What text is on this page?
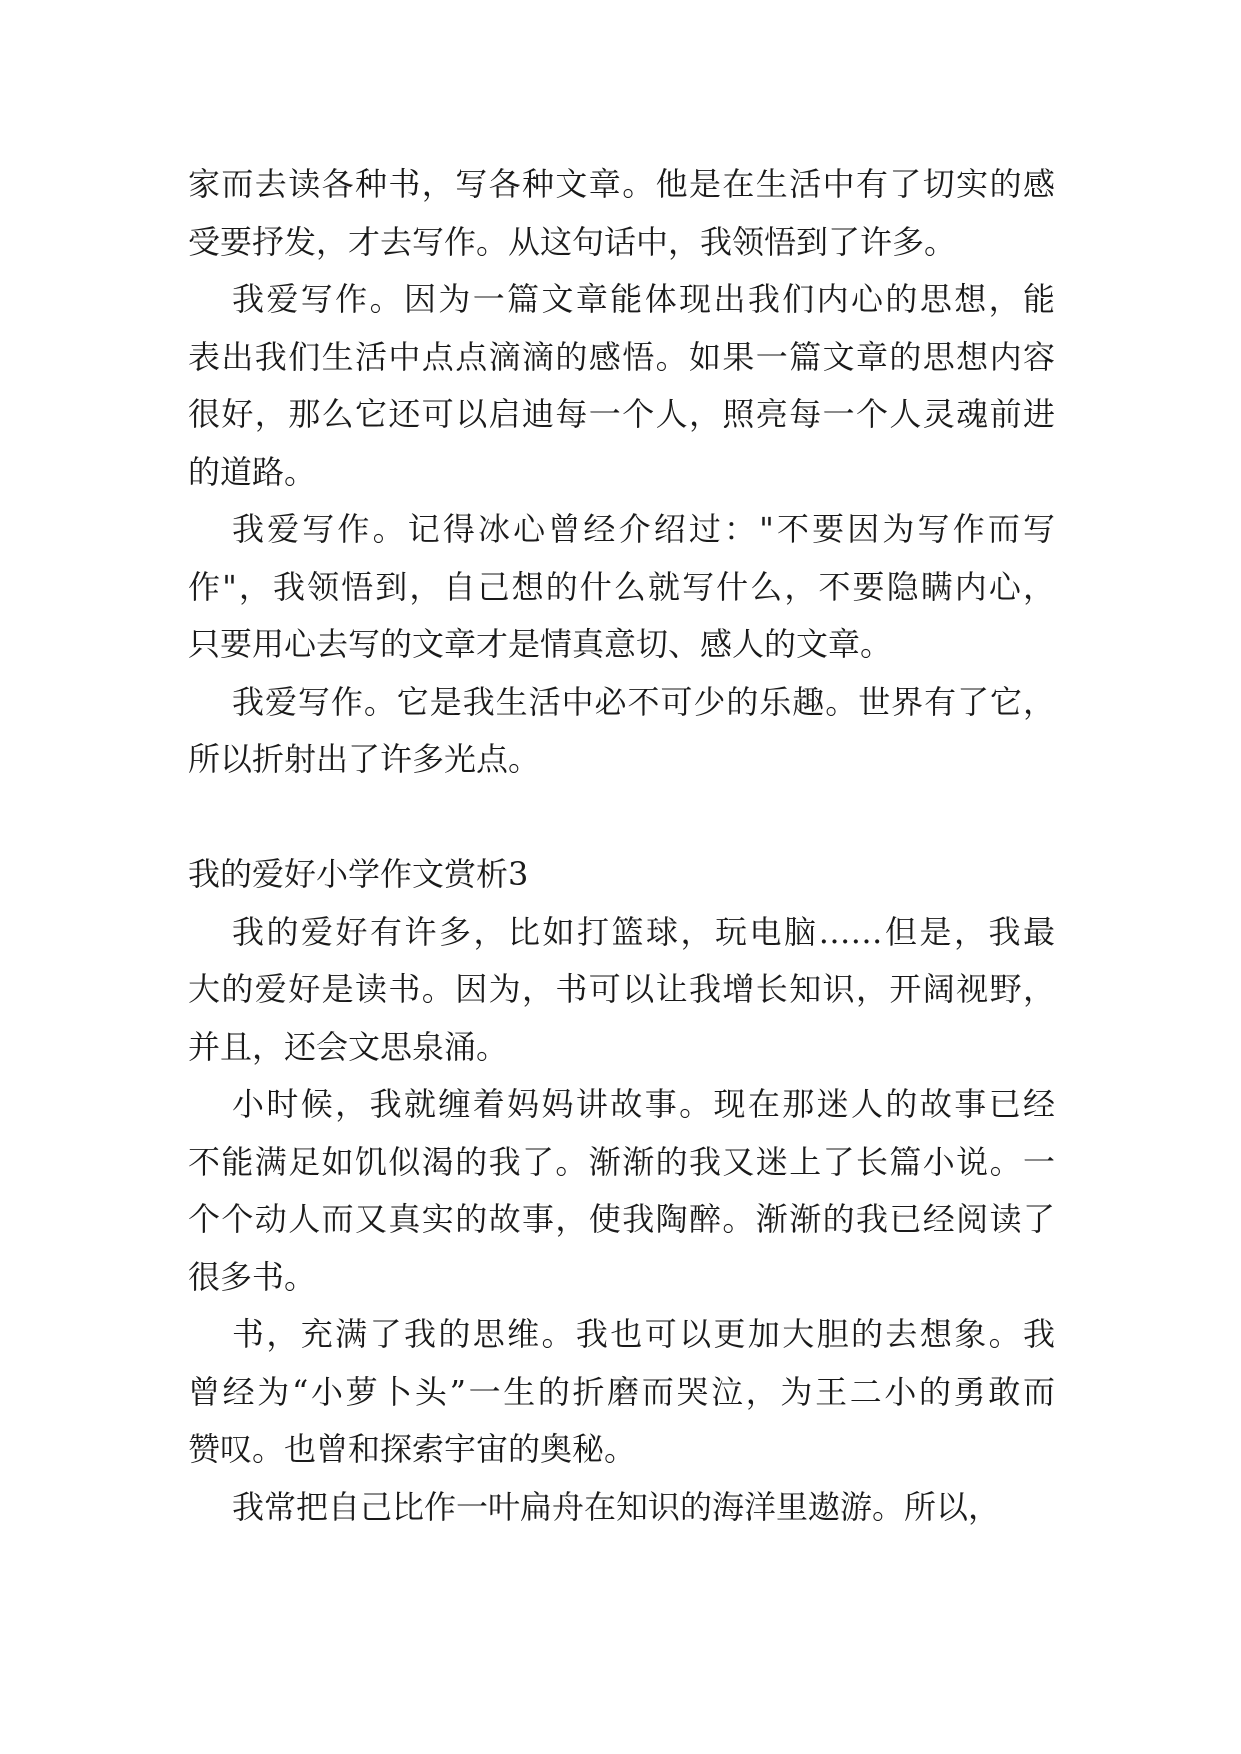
家而去读各种书，写各种文章。他是在生活中有了切实的感
受要抒发，才去写作。从这句话中，我领悟到了许多。
我爱写作。因为一篇文章能体现出我们内心的思想，能
表出我们生活中点点滴滴的感悟。如果一篇文章的思想内容
很好，那么它还可以启迪每一个人，照亮每一个人灵魂前进
的道路。
我爱写作。记得冰心曾经介绍过："不要因为写作而写
作"，我领悟到，自己想的什么就写什么，不要隐瞒内心，
只要用心去写的文章才是情真意切、感人的文章。
我爱写作。它是我生活中必不可少的乐趣。世界有了它，
所以折射出了许多光点。
我的爱好小学作文赏析3
我的爱好有许多，比如打篮球，玩电脑……但是，我最
大的爱好是读书。因为，书可以让我增长知识，开阔视野，
并且，还会文思泉涌。
小时候，我就缠着妈妈讲故事。现在那迷人的故事已经
不能满足如饥似渴的我了。渐渐的我又迷上了长篇小说。一
个个动人而又真实的故事，使我陶醉。渐渐的我已经阅读了
很多书。
书，充满了我的思维。我也可以更加大胆的去想象。我
曾经为“小萝卜头”一生的折磨而哭泣，为王二小的勇敢而
赞叹。也曾和探索宇宙的奥秘。
我常把自己比作一叶扁舟在知识的海洋里遨游。所以，
